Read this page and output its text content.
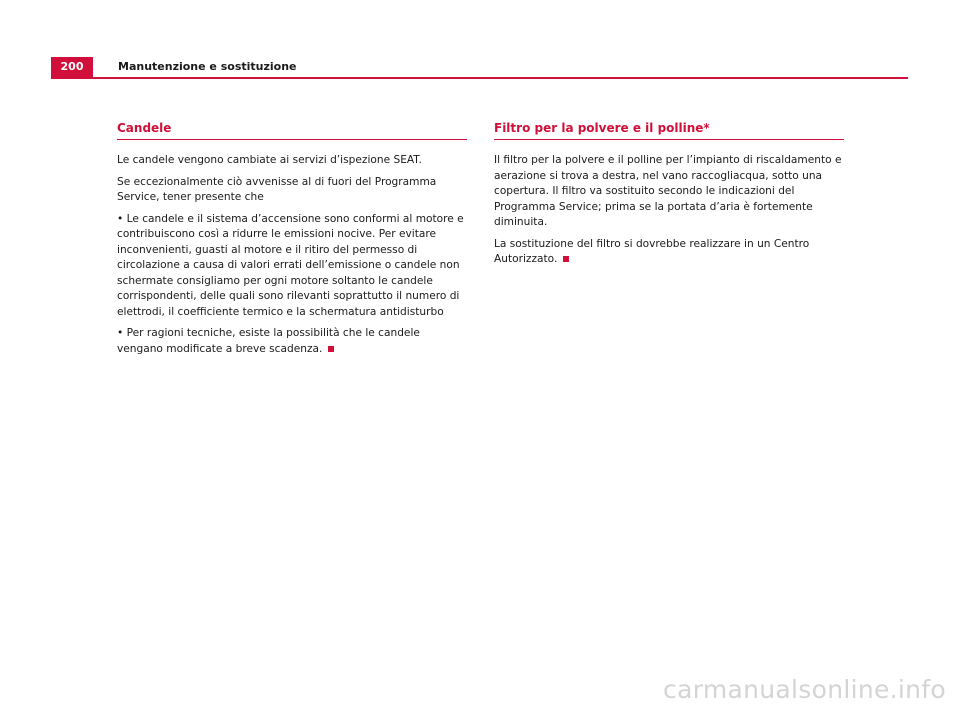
200	Manutenzione e sostituzione
Candele

Le candele vengono cambiate ai servizi d’ispezione SEAT.

Se eccezionalmente ciò avvenisse al di fuori del Programma Service, tener presente che

• Le candele e il sistema d’accensione sono conformi al motore e contribuiscono così a ridurre le emissioni nocive. Per evitare inconvenienti, guasti al motore e il ritiro del permesso di circolazione a causa di valori errati dell’emissione o candele non schermate consigliamo per ogni motore soltanto le candele corrispondenti, delle quali sono rilevanti soprattutto il numero di elettrodi, il coefficiente termico e la schermatura antidisturbo

• Per ragioni tecniche, esiste la possibilità che le candele vengano modificate a breve scadenza.

Filtro per la polvere e il polline*

Il filtro per la polvere e il polline per l’impianto di riscaldamento e aerazione si trova a destra, nel vano raccogliacqua, sotto una copertura. Il filtro va sostituito secondo le indicazioni del Programma Service; prima se la portata d’aria è fortemente diminuita.

La sostituzione del filtro si dovrebbe realizzare in un Centro Autorizzato.

carmanualsonline.info
